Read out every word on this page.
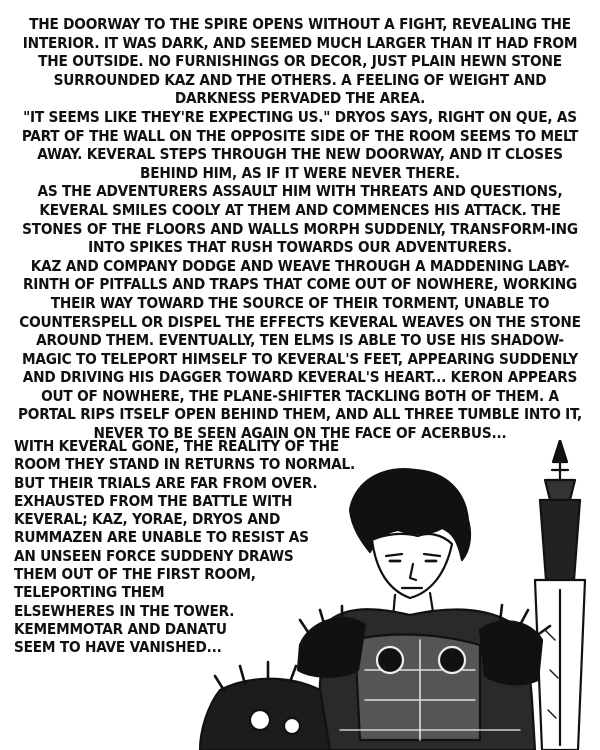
THE DOORWAY TO THE SPIRE OPENS WITHOUT A FIGHT, REVEALING THE INTERIOR. IT WAS DARK, AND SEEMED MUCH LARGER THAN IT HAD FROM THE OUTSIDE. NO FURNISHINGS OR DECOR, JUST PLAIN HEWN STONE SURROUNDED KAZ AND THE OTHERS. A FEELING OF WEIGHT AND DARKNESS PERVADED THE AREA.

"IT SEEMS LIKE THEY'RE EXPECTING US." DRYOS SAYS, RIGHT ON QUE, AS PART OF THE WALL ON THE OPPOSITE SIDE OF THE ROOM SEEMS TO MELT AWAY. KEVERAL STEPS THROUGH THE NEW DOORWAY, AND IT CLOSES BEHIND HIM, AS IF IT WERE NEVER THERE.

AS THE ADVENTURERS ASSAULT HIM WITH THREATS AND QUESTIONS, KEVERAL SMILES COOLY AT THEM AND COMMENCES HIS ATTACK. THE STONES OF THE FLOORS AND WALLS MORPH SUDDENLY, TRANSFORM-ING INTO SPIKES THAT RUSH TOWARDS OUR ADVENTURERS.

KAZ AND COMPANY DODGE AND WEAVE THROUGH A MADDENING LABY-RINTH OF PITFALLS AND TRAPS THAT COME OUT OF NOWHERE, WORKING THEIR WAY TOWARD THE SOURCE OF THEIR TORMENT, UNABLE TO COUNTERSPELL OR DISPEL THE EFFECTS KEVERAL WEAVES ON THE STONE AROUND THEM. EVENTUALLY, TEN ELMS IS ABLE TO USE HIS SHADOW-MAGIC TO TELEPORT HIMSELF TO KEVERAL'S FEET, APPEARING SUDDENLY AND DRIVING HIS DAGGER TOWARD KEVERAL'S HEART... KERON APPEARS OUT OF NOWHERE, THE PLANE-SHIFTER TACKLING BOTH OF THEM. A PORTAL RIPS ITSELF OPEN BEHIND THEM, AND ALL THREE TUMBLE INTO IT, NEVER TO BE SEEN AGAIN ON THE FACE OF ACERBUS...

WITH KEVERAL GONE, THE REALITY OF THE
ROOM THEY STAND IN RETURNS TO NORMAL.
BUT THEIR TRIALS ARE FAR FROM OVER.
EXHAUSTED FROM THE BATTLE WITH
KEVERAL; KAZ, YORAE, DRYOS AND
RUMMAZEN ARE UNABLE TO RESIST AS
AN UNSEEN FORCE SUDDENY DRAWS
THEM OUT OF THE FIRST ROOM,
TELEPORTING THEM
ELSEWHERES IN THE TOWER.
KEMEMMOTAR AND DANATU
SEEM TO HAVE VANISHED...
